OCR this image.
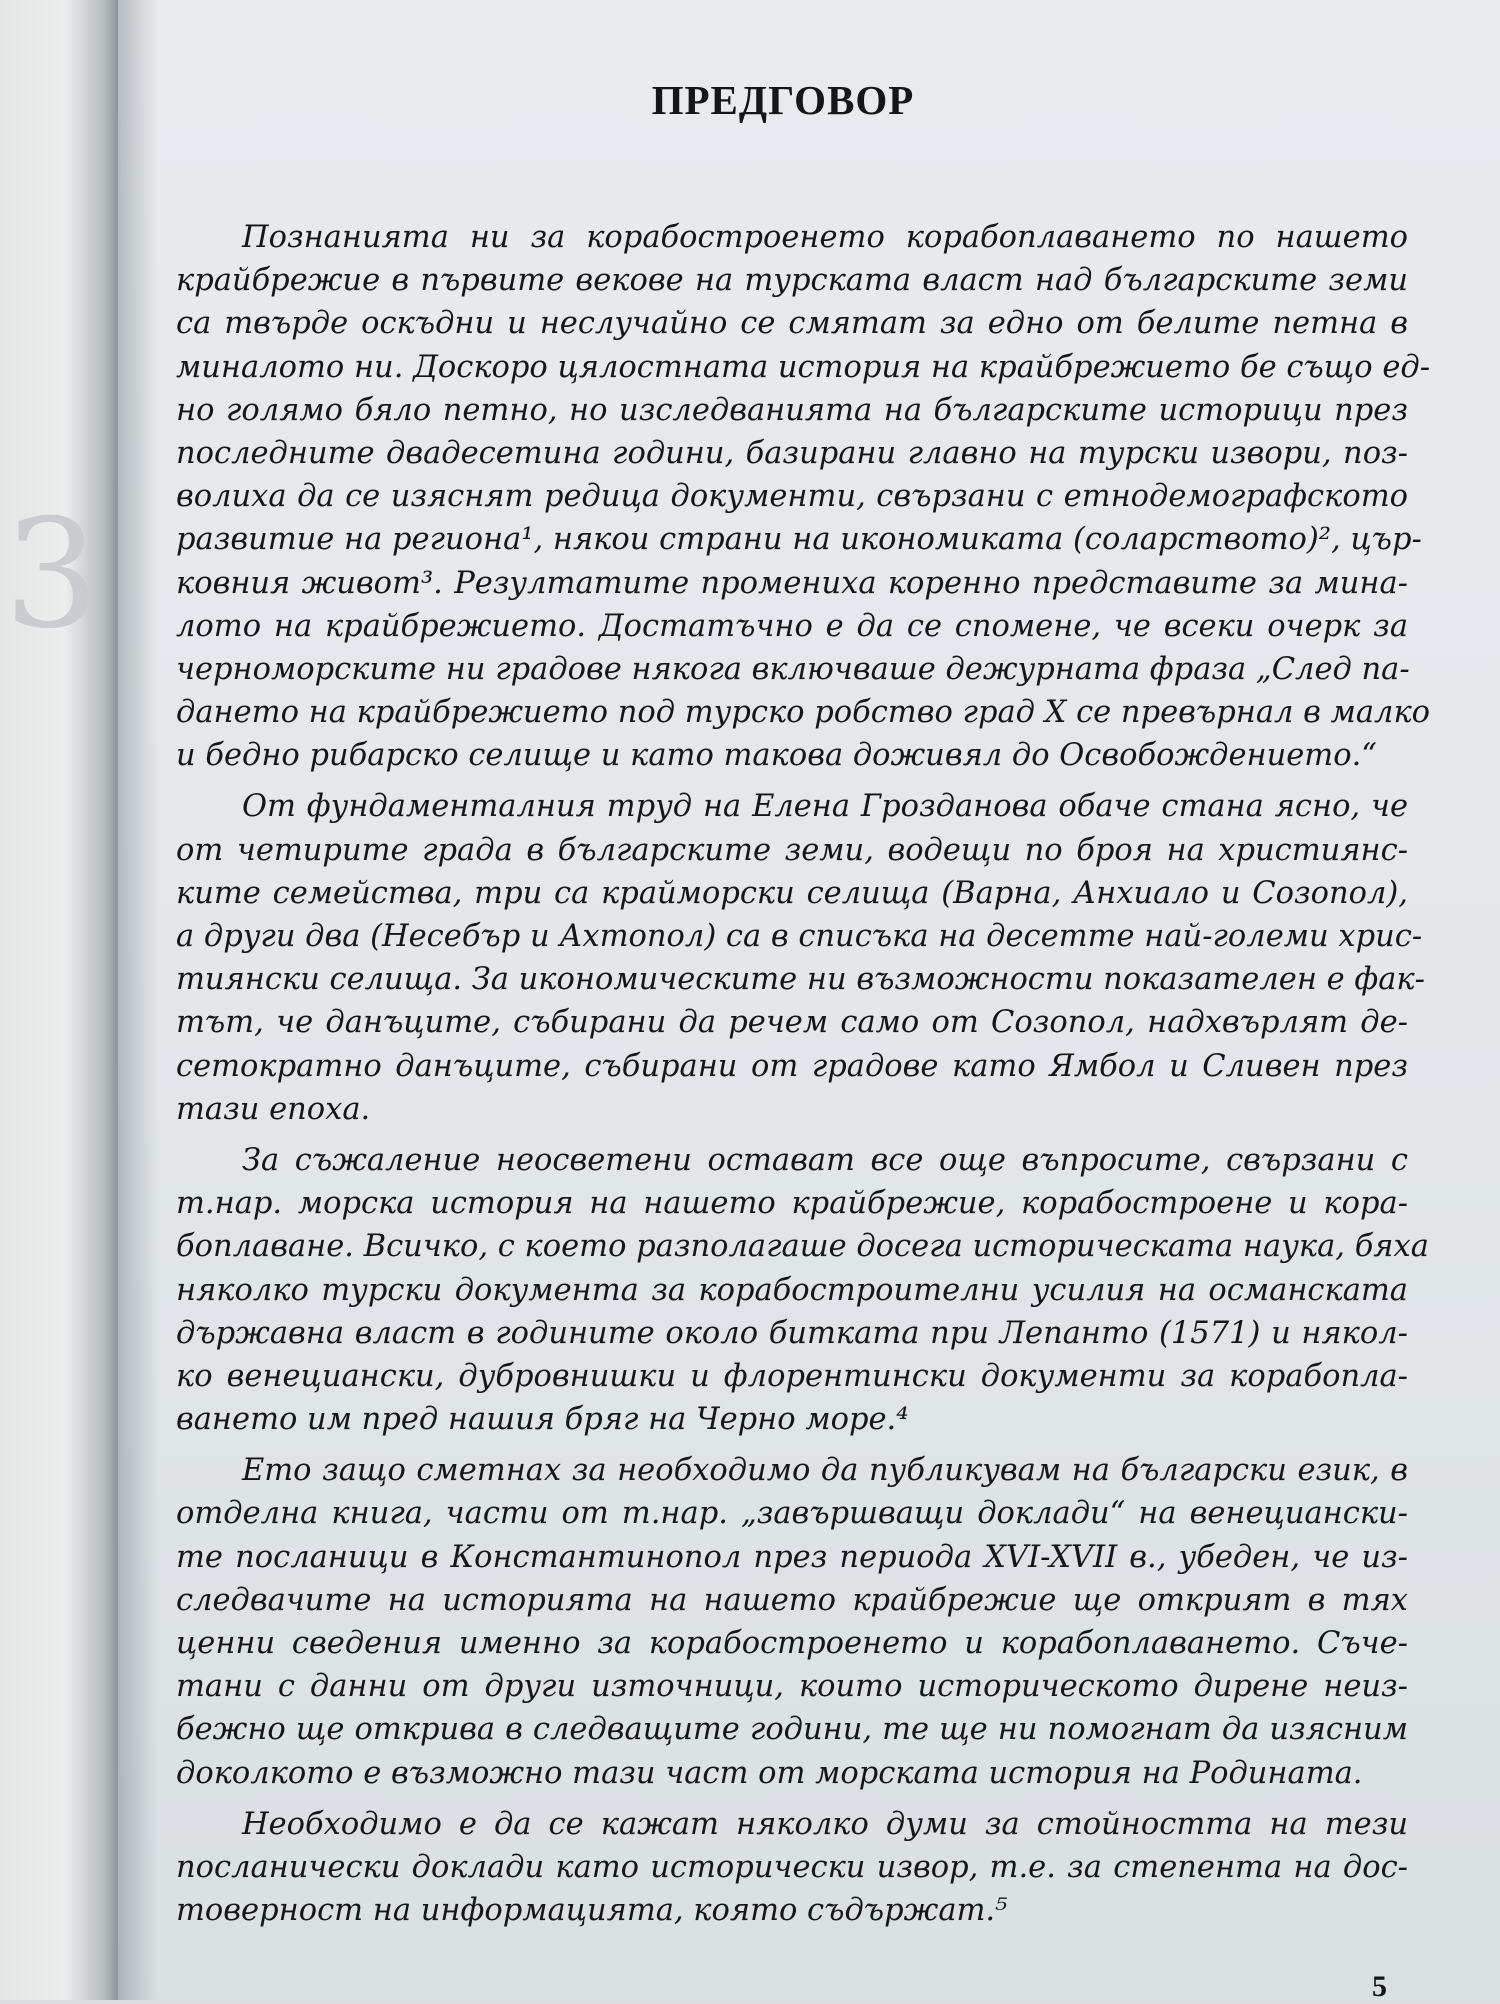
3
ПРЕДГОВОР
Познанията ни за корабостроенето корабоплаването по нашето
крайбрежие в първите векове на турската власт над българските земи
са твърде оскъдни и неслучайно се смятат за едно от белите петна в
миналото ни. Доскоро цялостната история на крайбрежието бе също ед-
но голямо бяло петно, но изследванията на българските историци през
последните двадесетина години, базирани главно на турски извори, поз-
волиха да се изяснят редица документи, свързани с етнодемографското
развитие на региона¹, някои страни на икономиката (соларството)², цър-
ковния живот³. Резултатите промениха коренно представите за мина-
лото на крайбрежието. Достатъчно е да се спомене, че всеки очерк за
черноморските ни градове някога включваше дежурната фраза „След па-
дането на крайбрежието под турско робство град Х се превърнал в малко
и бедно рибарско селище и като такова доживял до Освобождението.“
От фундаменталния труд на Елена Грозданова обаче стана ясно, че
от четирите града в българските земи, водещи по броя на християнс-
ките семейства, три са крайморски селища (Варна, Анхиало и Созопол),
а други два (Несебър и Ахтопол) са в списъка на десетте най-големи хрис-
тиянски селища. За икономическите ни възможности показателен е фак-
тът, че данъците, събирани да речем само от Созопол, надхвърлят де-
сетократно данъците, събирани от градове като Ямбол и Сливен през
тази епоха.
За съжаление неосветени остават все още въпросите, свързани с
т.нар. морска история на нашето крайбрежие, корабостроене и кора-
боплаване. Всичко, с което разполагаше досега историческата наука, бяха
няколко турски документа за корабостроителни усилия на османската
държавна власт в годините около битката при Лепанто (1571) и някол-
ко венециански, дубровнишки и флорентински документи за корабопла-
ването им пред нашия бряг на Черно море.⁴
Ето защо сметнах за необходимо да публикувам на български език, в
отделна книга, части от т.нар. „завършващи доклади“ на венециански-
те посланици в Константинопол през периода XVI-XVII в., убеден, че из-
следвачите на историята на нашето крайбрежие ще открият в тях
ценни сведения именно за корабостроенето и корабоплаването. Съче-
тани с данни от други източници, които историческото дирене неиз-
бежно ще открива в следващите години, те ще ни помогнат да изясним
доколкото е възможно тази част от морската история на Родината.
Необходимо е да се кажат няколко думи за стойността на тези
посланически доклади като исторически извор, т.е. за степента на дос-
товерност на информацията, която съдържат.⁵
5
